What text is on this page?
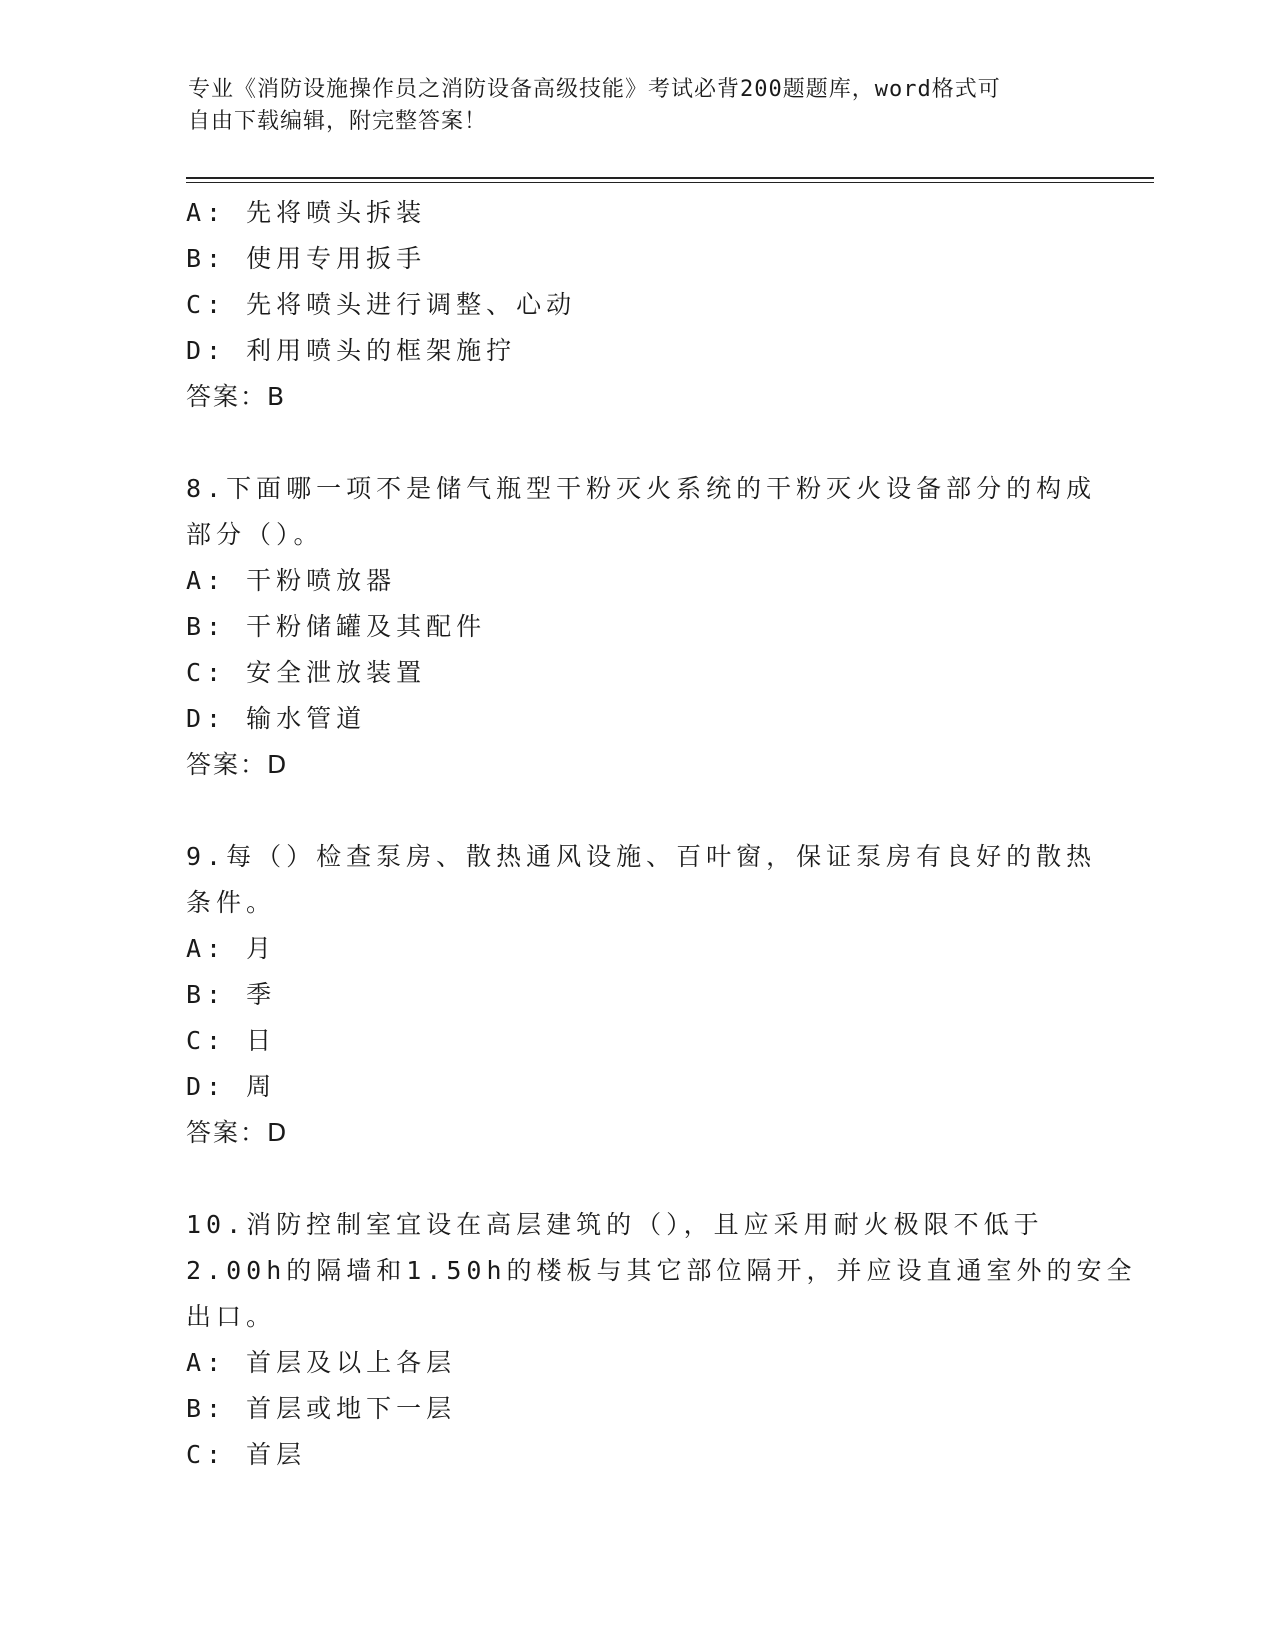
专业《消防设施操作员之消防设备高级技能》考试必背200题题库，word格式可
自由下载编辑，附完整答案！
A: 先将喷头拆装
B: 使用专用扳手
C: 先将喷头进行调整、心动
D: 利用喷头的框架施拧
答案：B
8.下面哪一项不是储气瓶型干粉灭火系统的干粉灭火设备部分的构成
部分（）。
A: 干粉喷放器
B: 干粉储罐及其配件
C: 安全泄放装置
D: 输水管道
答案：D
9.每（）检查泵房、散热通风设施、百叶窗，保证泵房有良好的散热
条件。
A: 月
B: 季
C: 日
D: 周
答案：D
10.消防控制室宜设在高层建筑的（），且应采用耐火极限不低于
2.00h的隔墙和1.50h的楼板与其它部位隔开，并应设直通室外的安全
出口。
A: 首层及以上各层
B: 首层或地下一层
C: 首层
